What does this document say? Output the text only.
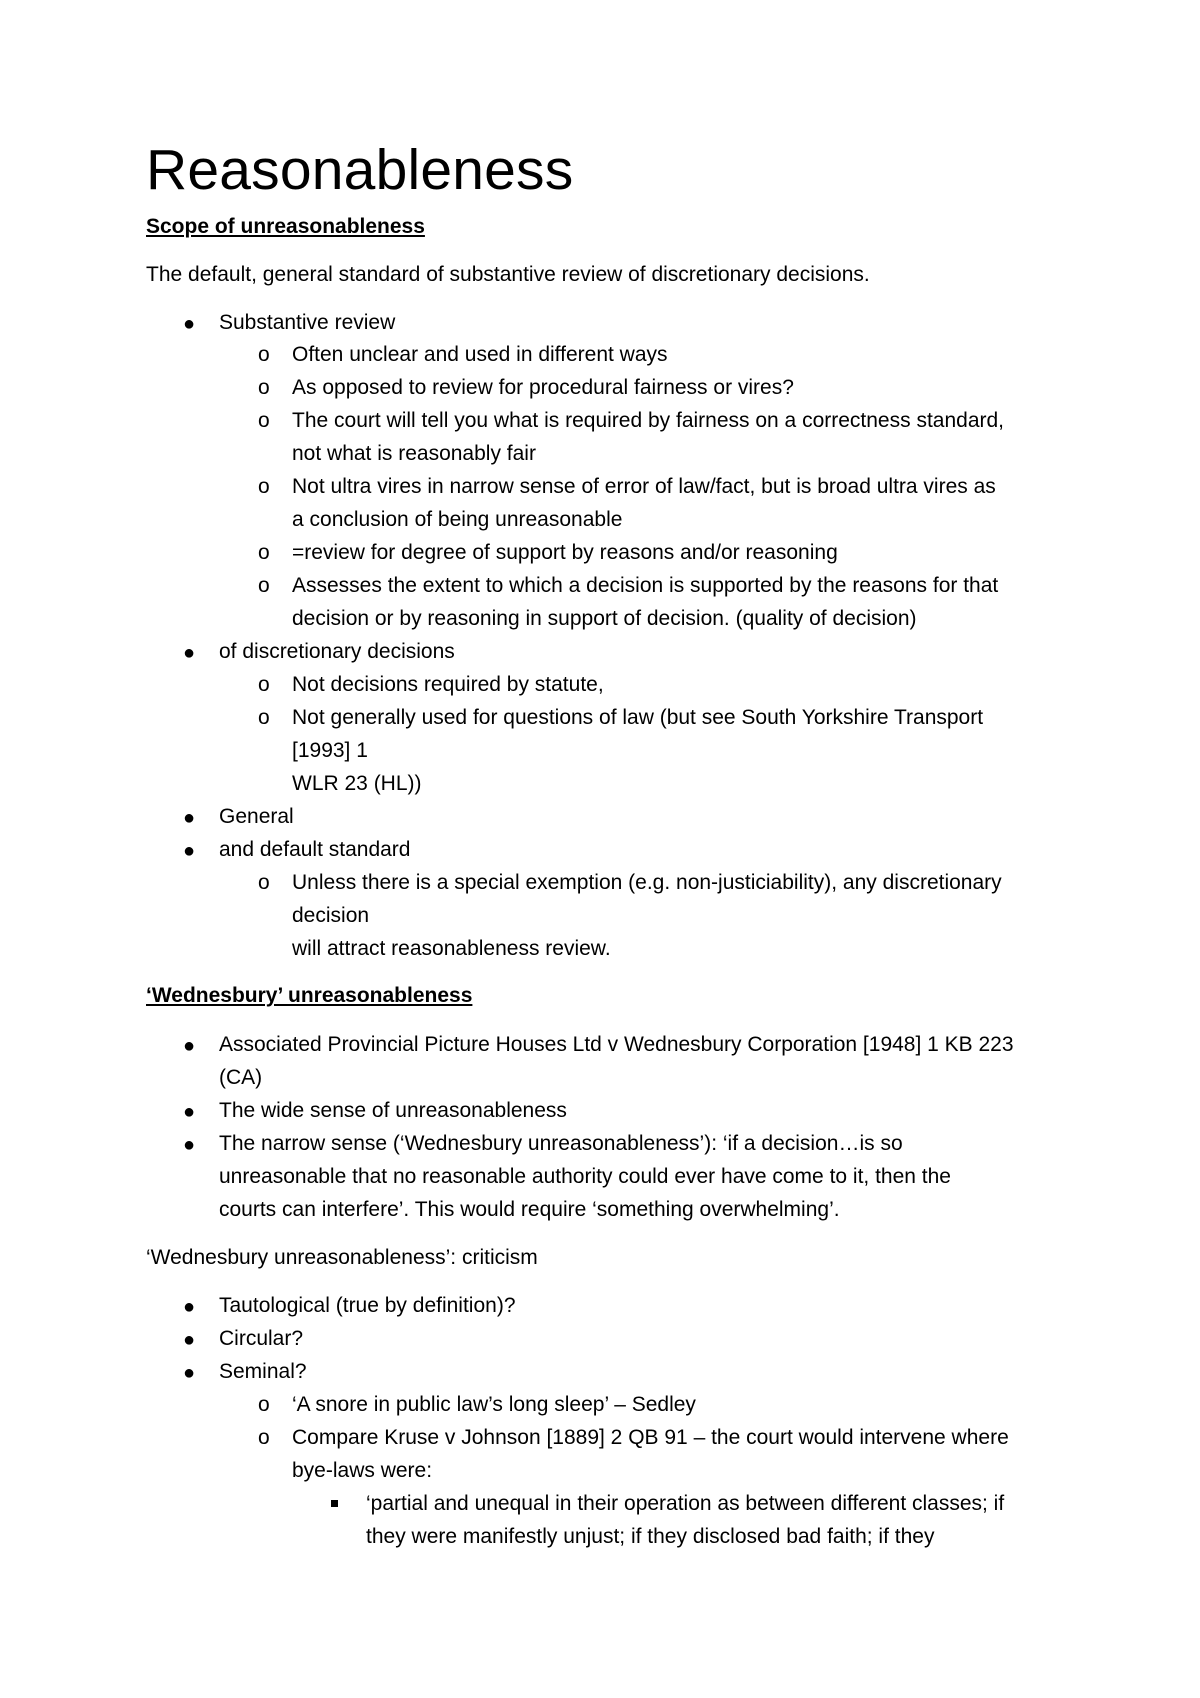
Reasonableness
Scope of unreasonableness
The default, general standard of substantive review of discretionary decisions.
● Substantive review
o Often unclear and used in different ways
o As opposed to review for procedural fairness or vires?
o The court will tell you what is required by fairness on a correctness standard,
not what is reasonably fair
o Not ultra vires in narrow sense of error of law/fact, but is broad ultra vires as
a conclusion of being unreasonable
o =review for degree of support by reasons and/or reasoning
o Assesses the extent to which a decision is supported by the reasons for that
decision or by reasoning in support of decision. (quality of decision)
● of discretionary decisions
o Not decisions required by statute,
o Not generally used for questions of law (but see South Yorkshire Transport
[1993] 1
WLR 23 (HL))
● General
● and default standard
o Unless there is a special exemption (e.g. non-justiciability), any discretionary
decision
will attract reasonableness review.
‘Wednesbury’ unreasonableness
● Associated Provincial Picture Houses Ltd v Wednesbury Corporation [1948] 1 KB 223
(CA)
● The wide sense of unreasonableness
● The narrow sense (‘Wednesbury unreasonableness’): ‘if a decision…is so
unreasonable that no reasonable authority could ever have come to it, then the
courts can interfere’. This would require ‘something overwhelming’.
‘Wednesbury unreasonableness’: criticism
● Tautological (true by definition)?
● Circular?
● Seminal?
o ‘A snore in public law’s long sleep’ – Sedley
o Compare Kruse v Johnson [1889] 2 QB 91 – the court would intervene where
bye-laws were:
‘partial and unequal in their operation as between different classes; if
they were manifestly unjust; if they disclosed bad faith; if they
